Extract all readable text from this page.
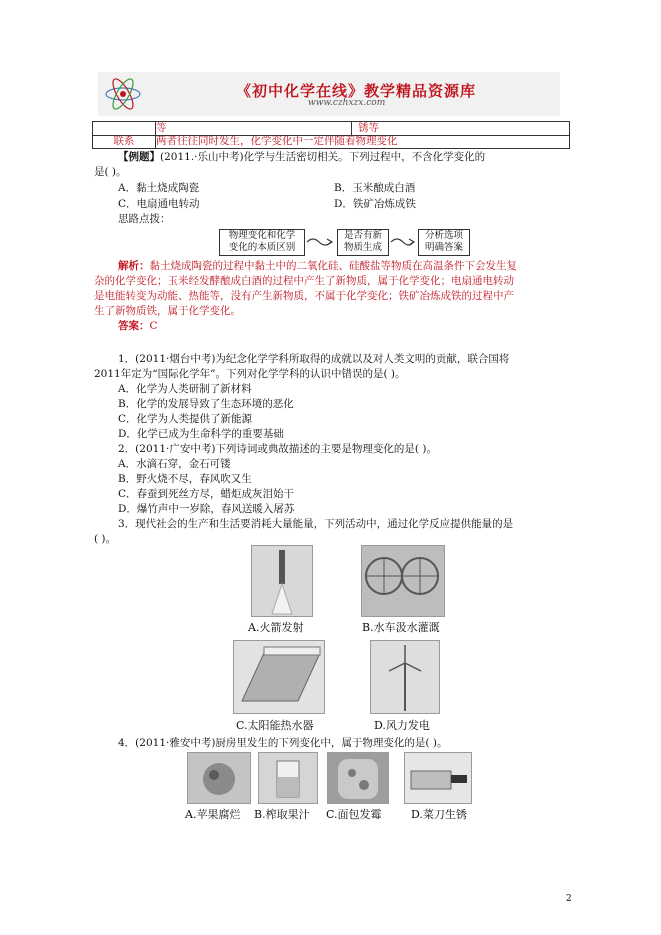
《初中化学在线》教学精品资源库
www.czhxzx.com
等	锈等
联系	两者往往同时发生，化学变化中一定伴随着物理变化
【例题】(2011.·乐山中考)化学与生活密切相关。下列过程中，不含化学变化的
是( )。
A．黏土烧成陶瓷	B．玉米酿成白酒
C．电扇通电转动	D．铁矿冶炼成铁
思路点拨：
物理变化和化学
变化的本质区别
是否有新
物质生成
分析选项
明确答案
解析：黏土烧成陶瓷的过程中黏土中的二氧化硅、硅酸盐等物质在高温条件下会发生复
杂的化学变化；玉米经发酵酿成白酒的过程中产生了新物质，属于化学变化；电扇通电转动
是电能转变为动能、热能等，没有产生新物质，不属于化学变化；铁矿冶炼成铁的过程中产
生了新物质铁，属于化学变化。
答案：C
1．(2011·烟台中考)为纪念化学学科所取得的成就以及对人类文明的贡献，联合国将
2011年定为“国际化学年”。下列对化学学科的认识中错误的是( )。
A．化学为人类研制了新材料
B．化学的发展导致了生态环境的恶化
C．化学为人类提供了新能源
D．化学已成为生命科学的重要基础
2．(2011·广安中考)下列诗词或典故描述的主要是物理变化的是( )。
A．水滴石穿，金石可镂
B．野火烧不尽，春风吹又生
C．春蚕到死丝方尽，蜡炬成灰泪始干
D．爆竹声中一岁除，春风送暖入屠苏
3．现代社会的生产和生活要消耗大量能量，下列活动中，通过化学反应提供能量的是
( )。
A.火箭发射	B.水车汲水灌溉
C.太阳能热水器	D.风力发电
4．(2011·雅安中考)厨房里发生的下列变化中，属于物理变化的是( )。
A.苹果腐烂 B.榨取果汁 C.面包发霉	D.菜刀生锈
2
